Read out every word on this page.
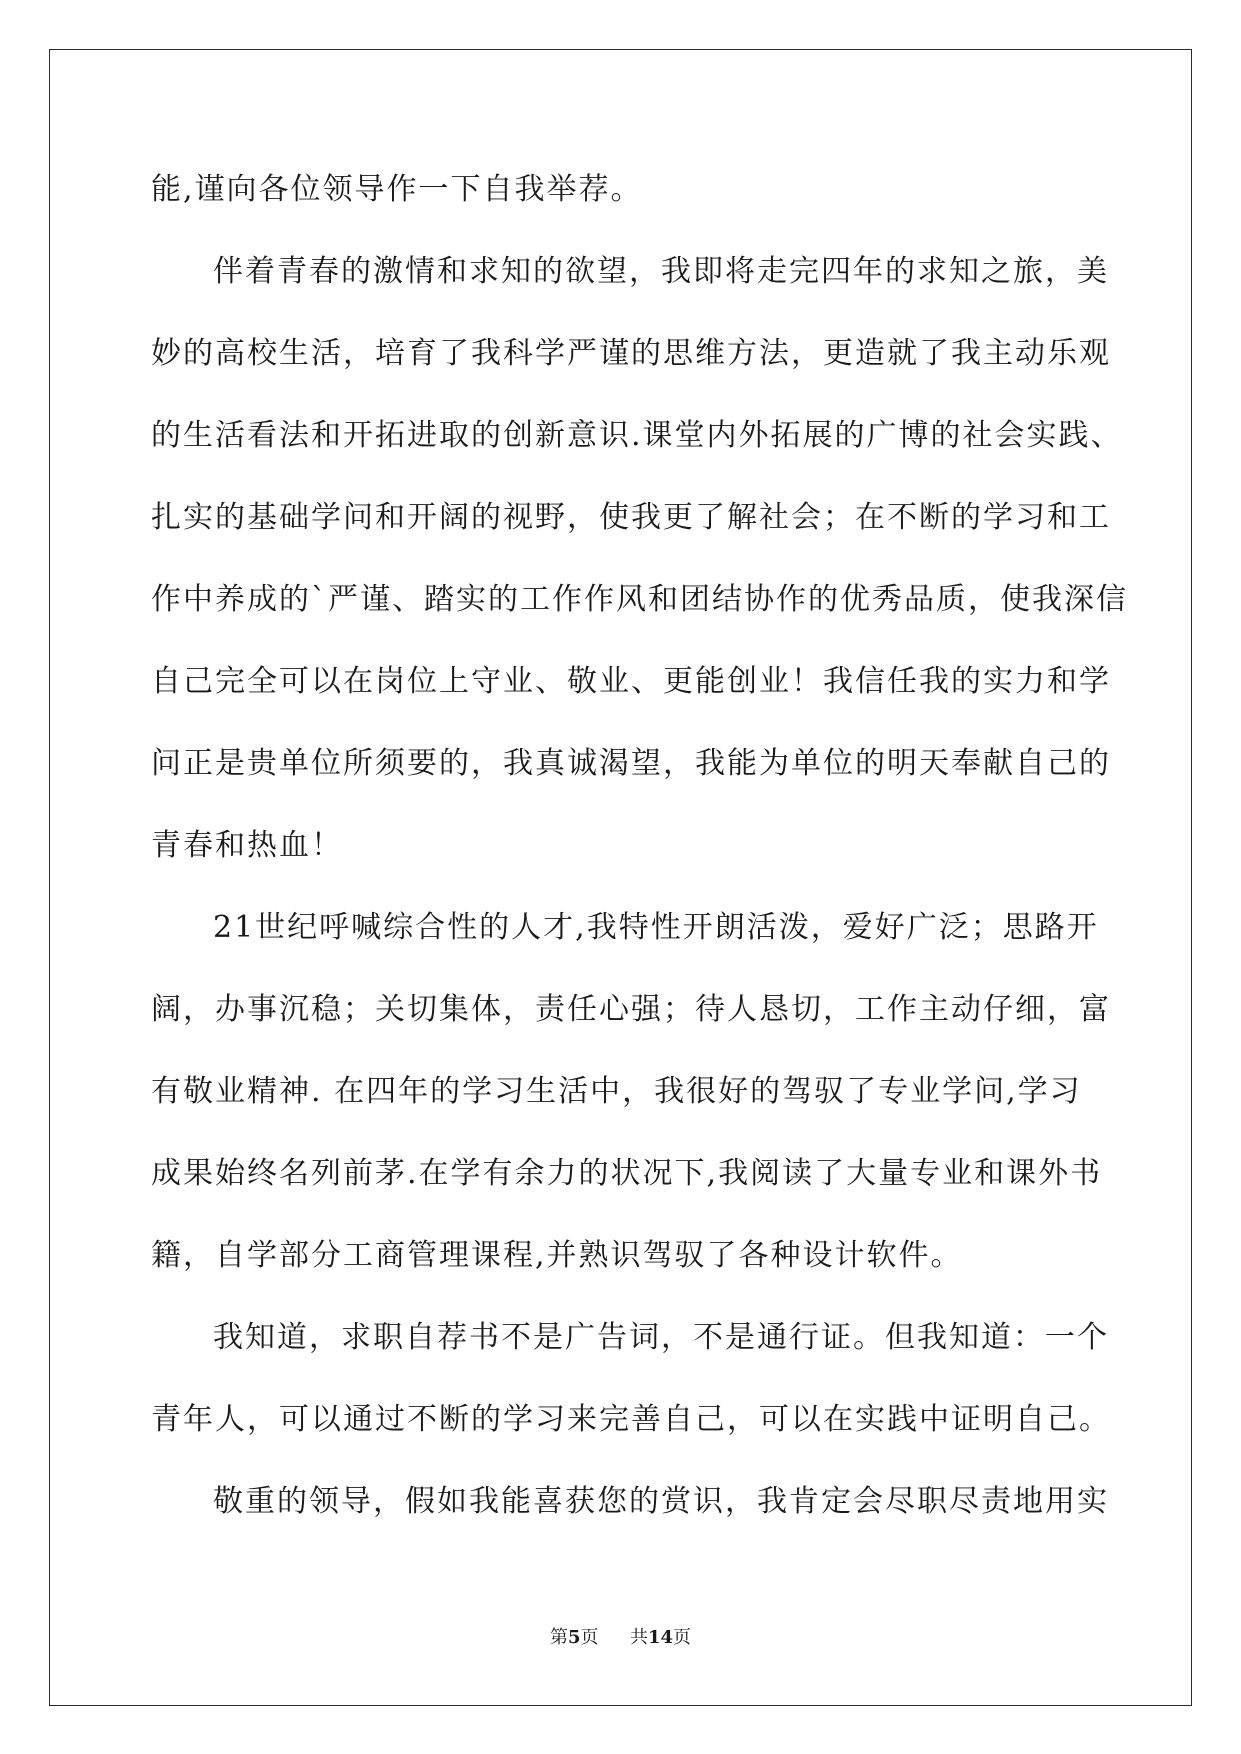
能,谨向各位领导作一下自我举荐。
伴着青春的激情和求知的欲望，我即将走完四年的求知之旅，美
妙的高校生活，培育了我科学严谨的思维方法，更造就了我主动乐观
的生活看法和开拓进取的创新意识.课堂内外拓展的广博的社会实践、
扎实的基础学问和开阔的视野，使我更了解社会；在不断的学习和工
作中养成的`严谨、踏实的工作作风和团结协作的优秀品质，使我深信
自己完全可以在岗位上守业、敬业、更能创业！我信任我的实力和学
问正是贵单位所须要的，我真诚渴望，我能为单位的明天奉献自己的
青春和热血！
21世纪呼喊综合性的人才,我特性开朗活泼，爱好广泛；思路开
阔，办事沉稳；关切集体，责任心强；待人恳切，工作主动仔细，富
有敬业精神. 在四年的学习生活中，我很好的驾驭了专业学问,学习
成果始终名列前茅.在学有余力的状况下,我阅读了大量专业和课外书
籍，自学部分工商管理课程,并熟识驾驭了各种设计软件。
我知道，求职自荐书不是广告词，不是通行证。但我知道：一个
青年人，可以通过不断的学习来完善自己，可以在实践中证明自己。
敬重的领导，假如我能喜获您的赏识，我肯定会尽职尽责地用实
第5页 共14页
